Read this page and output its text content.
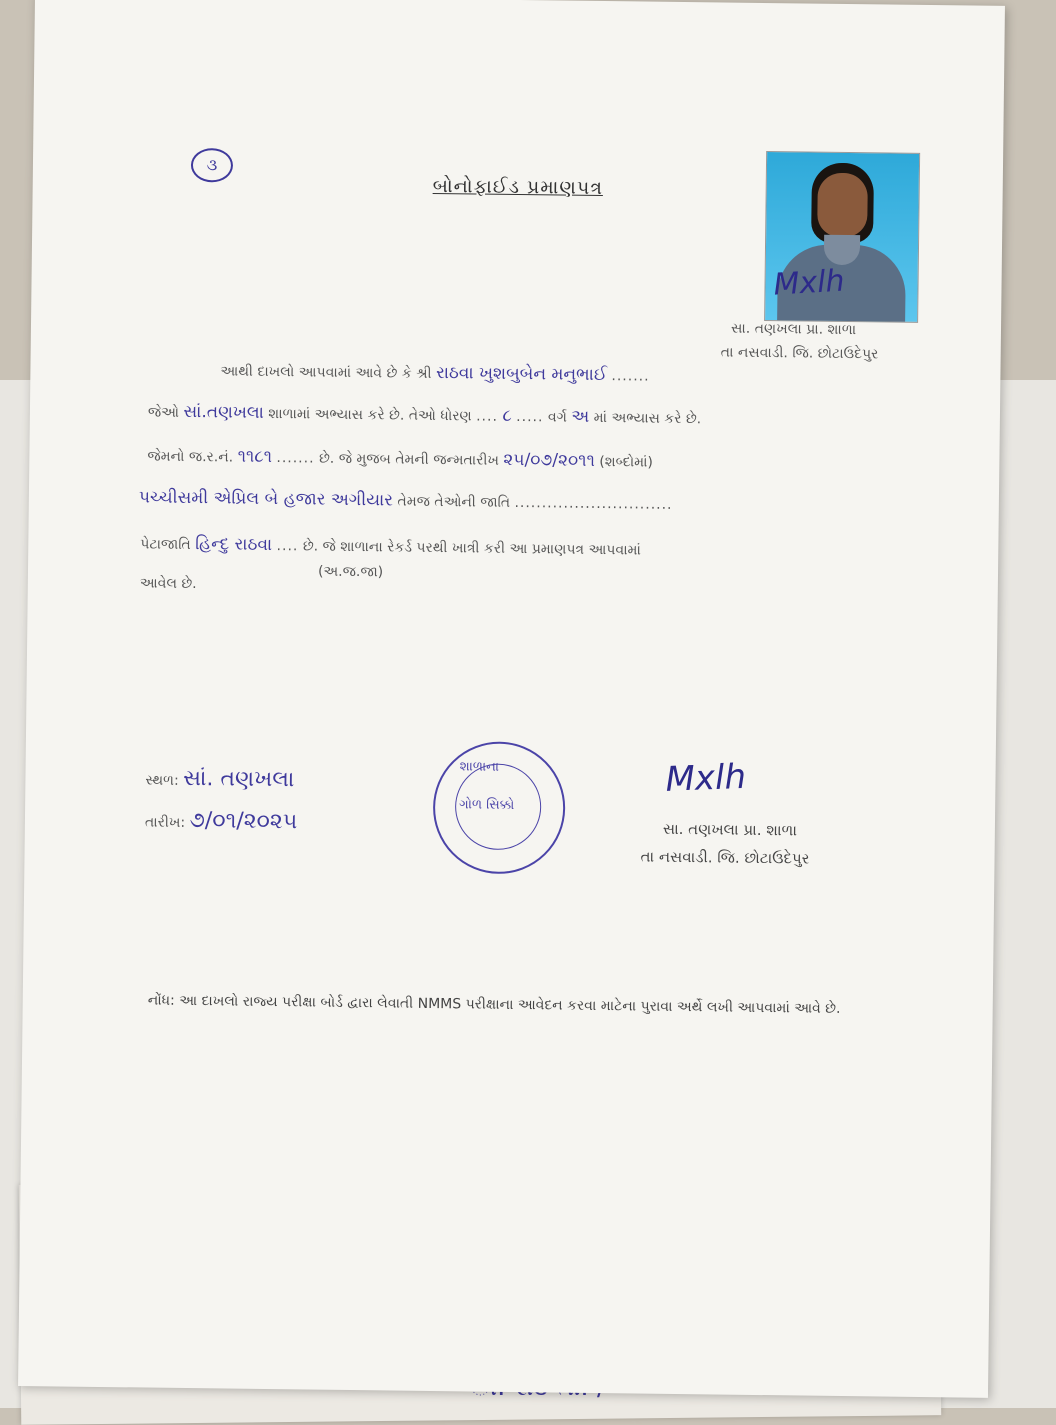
૩
બોનોફાઈડ પ્રમાણપત્ર
Mxlh
સા. તણખલા પ્રા. શાળા
તા નસવાડી. જિ. છોટાઉદેપુર
આથી દાખલો આપવામાં આવે છે કે શ્રી રાઠવા ખુશબુબેન મનુભાઈ .......
જેઓ સાં.તણખલા શાળામાં અભ્યાસ કરે છે. તેઓ ધોરણ .... ૮ ..... વર્ગ અ માં અભ્યાસ કરે છે.
જેમનો જ.ર.નં. ૧૧૮૧ ....... છે. જે મુજબ તેમની જન્મતારીખ ૨૫/૦૭/૨૦૧૧ (શબ્દોમાં)
પચ્ચીસમી એપ્રિલ બે હજાર અગીયાર તેમજ તેઓની જાતિ .............................
પેટાજાતિ હિન્દુ રાઠવા .... છે. જે શાળાના રેકર્ડ પરથી ખાત્રી કરી આ પ્રમાણપત્ર આપવામાં
(અ.જ.જા)
આવેલ છે.
સ્થળ: સાં. તણખલા
તારીખ: ૭/૦૧/૨૦૨૫
શાળાના
ગોળ સિક્કો
Mxlh
સા. તણખલા પ્રા. શાળા
તા નસવાડી. જિ. છોટાઉદેપુર
નોંધ: આ દાખલો રાજ્ય પરીક્ષા બોર્ડ દ્વારા લેવાતી NMMS પરીક્ષાના આવેદન કરવા માટેના પુરાવા અર્થે લખી આપવામાં આવે છે.
